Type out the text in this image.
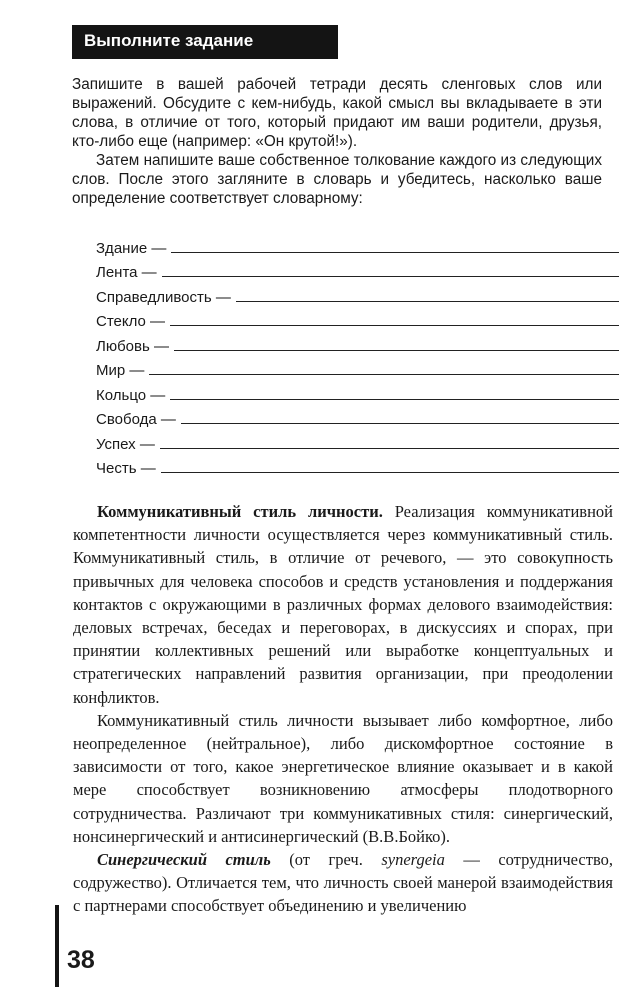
Выполните задание

Запишите в вашей рабочей тетради десять сленговых слов или выражений. Обсудите с кем-нибудь, какой смысл вы вкладываете в эти слова, в отличие от того, который придают им ваши родители, друзья, кто-либо еще (например: «Он крутой!»).

Затем напишите ваше собственное толкование каждого из следующих слов. После этого загляните в словарь и убедитесь, насколько ваше определение соответствует словарному:

Здание —
Лента —
Справедливость —
Стекло —
Любовь —
Мир —
Кольцо —
Свобода —
Успех —
Честь —

Коммуникативный стиль личности. Реализация коммуникативной компетентности личности осуществляется через коммуникативный стиль. Коммуникативный стиль, в отличие от речевого, — это совокупность привычных для человека способов и средств установления и поддержания контактов с окружающими в различных формах делового взаимодействия: деловых встречах, беседах и переговорах, в дискуссиях и спорах, при принятии коллективных решений или выработке концептуальных и стратегических направлений развития организации, при преодолении конфликтов.

Коммуникативный стиль личности вызывает либо комфортное, либо неопределенное (нейтральное), либо дискомфортное состояние в зависимости от того, какое энергетическое влияние оказывает и в какой мере способствует возникновению атмосферы плодотворного сотрудничества. Различают три коммуникативных стиля: синергический, нонсинергический и антисинергический (В.В.Бойко).

Синергический стиль (от греч. synergeia — сотрудничество, содружество). Отличается тем, что личность своей манерой взаимодействия с партнерами способствует объединению и увеличению

38
